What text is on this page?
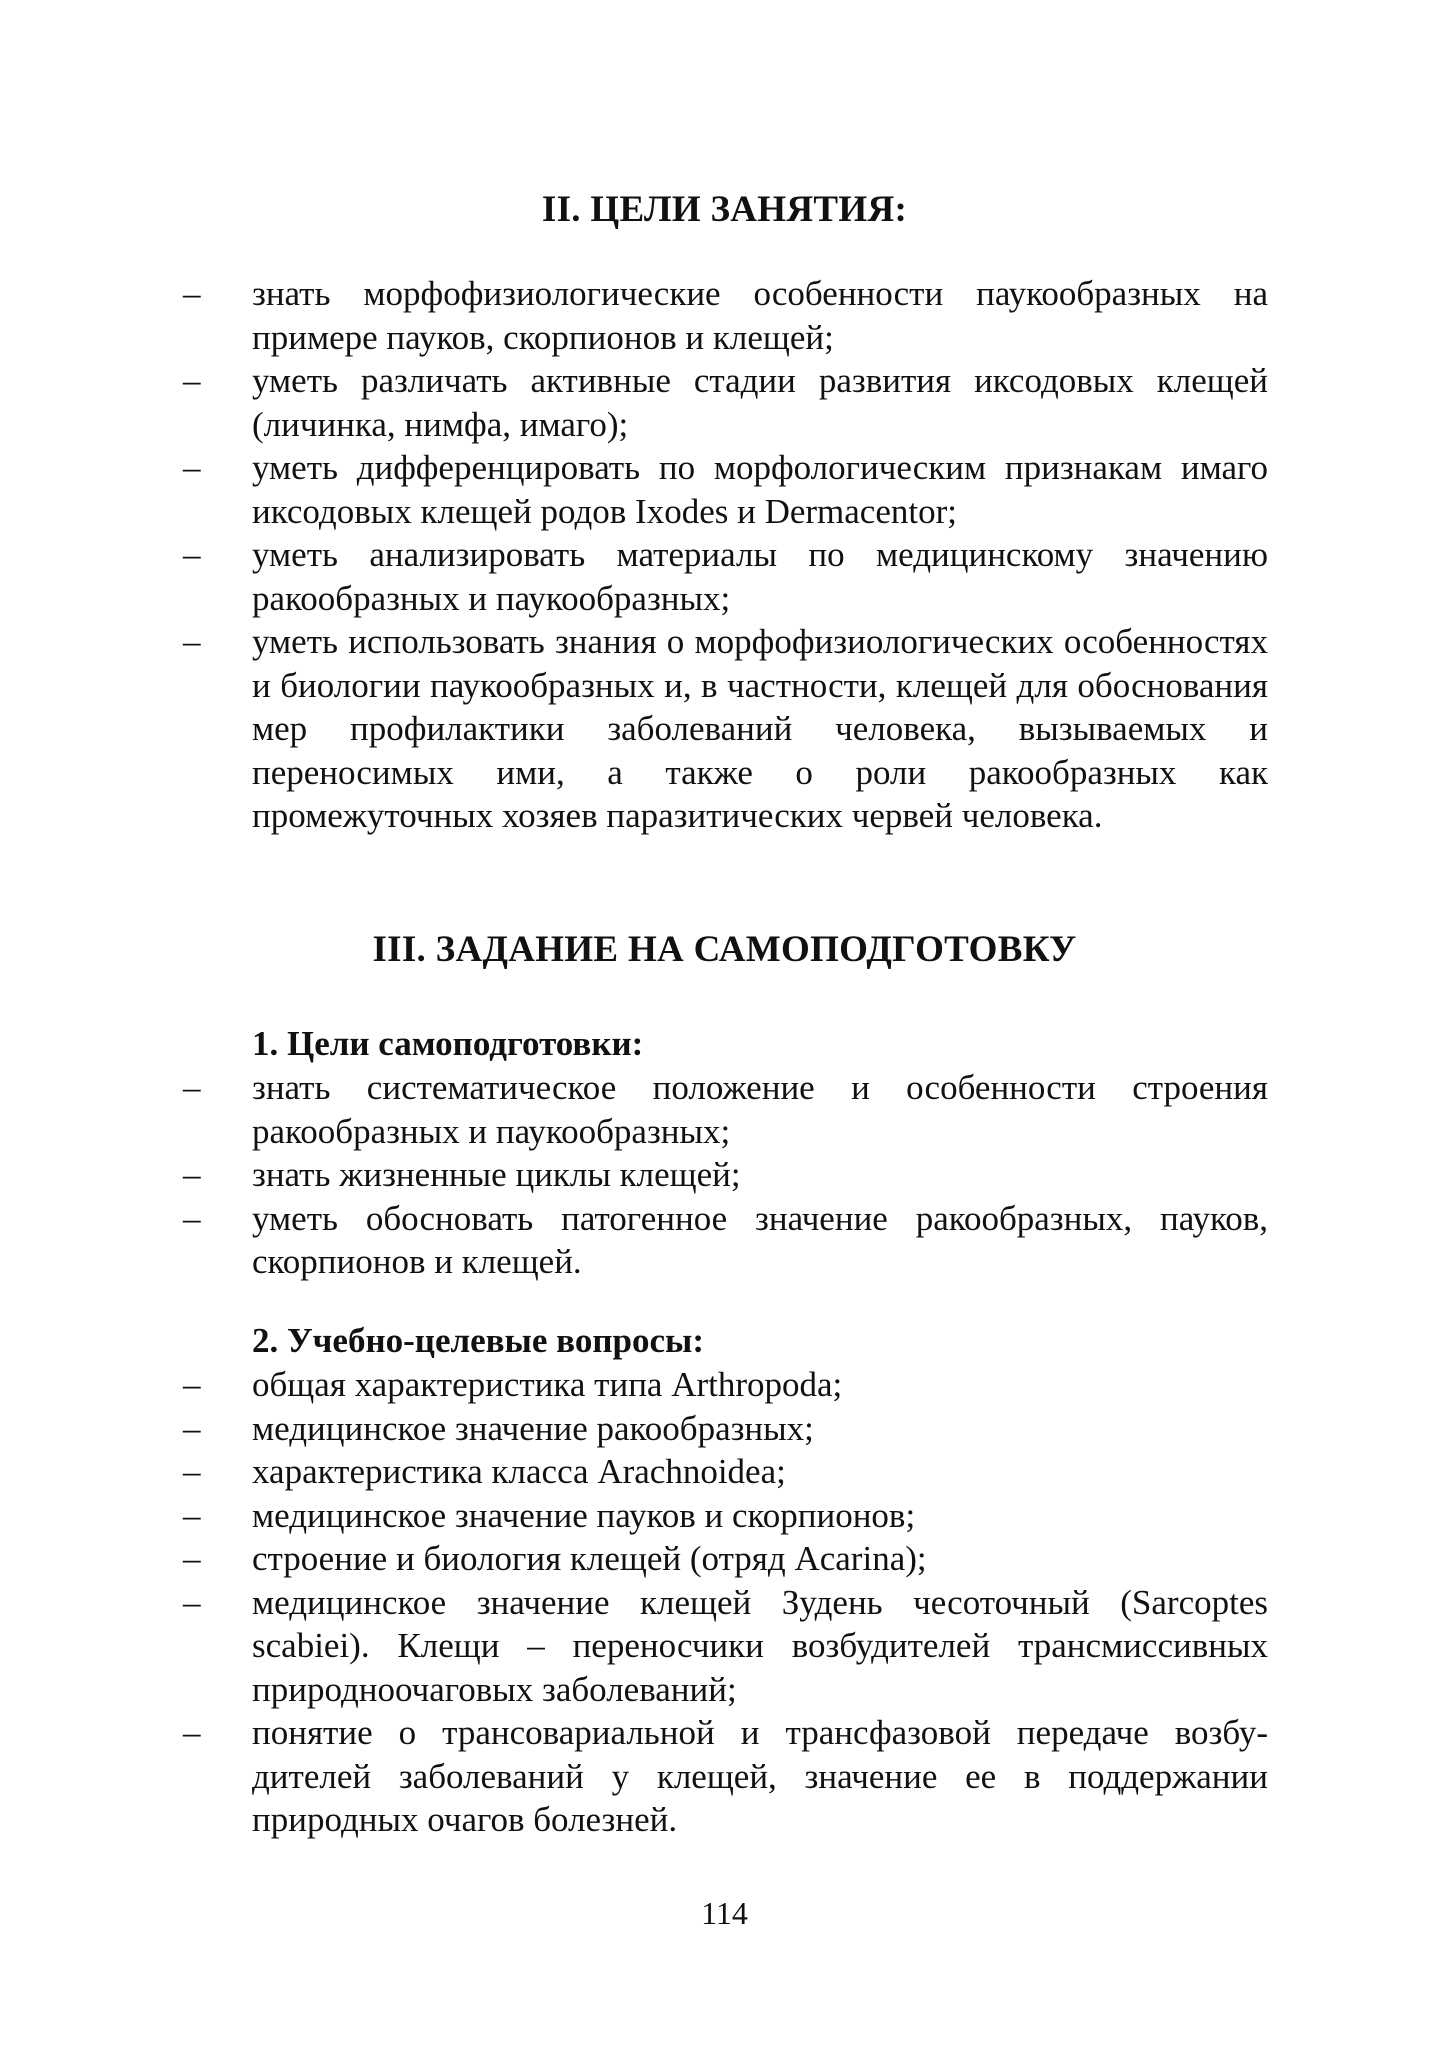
II. ЦЕЛИ ЗАНЯТИЯ:
– знать морфофизиологические особенности паукообразных на примере пауков, скорпионов и клещей;
– уметь различать активные стадии развития иксодовых клещей (личинка, нимфа, имаго);
– уметь дифференцировать по морфологическим признакам имаго иксодовых клещей родов Ixodes и Dermacentor;
– уметь анализировать материалы по медицинскому значению ракообразных и паукообразных;
– уметь использовать знания о морфофизиологических особенностях и биологии паукообразных и, в частности, клещей для обоснования мер профилактики заболеваний человека, вызываемых и переносимых ими, а также о роли ракообразных как промежуточных хозяев паразитических червей человека.
III. ЗАДАНИЕ НА САМОПОДГОТОВКУ
1. Цели самоподготовки:
– знать систематическое положение и особенности строения ракообразных и паукообразных;
– знать жизненные циклы клещей;
– уметь обосновать патогенное значение ракообразных, пауков, скорпионов и клещей.
2. Учебно-целевые вопросы:
– общая характеристика типа Arthropoda;
– медицинское значение ракообразных;
– характеристика класса Arachnoidea;
– медицинское значение пауков и скорпионов;
– строение и биология клещей (отряд Acarina);
– медицинское значение клещей Зудень чесоточный (Sarcoptes scabiei). Клещи – переносчики возбудителей трансмиссивных природноочаговых заболеваний;
– понятие о трансовариальной и трансфазовой передаче возбудителей заболеваний у клещей, значение ее в поддержании природных очагов болезней.
114
